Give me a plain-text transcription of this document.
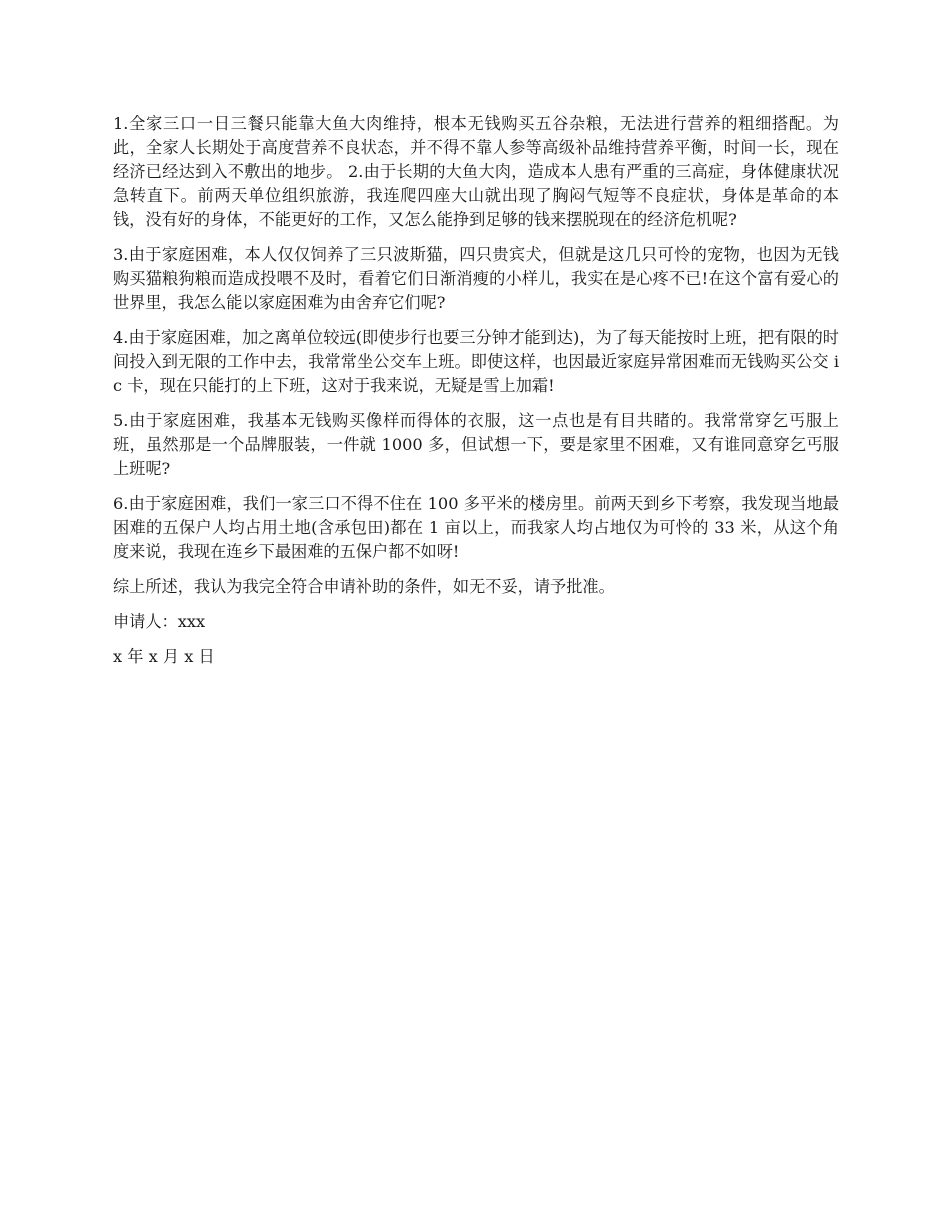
1.全家三口一日三餐只能靠大鱼大肉维持，根本无钱购买五谷杂粮，无法进行营养的粗细搭配。为此，全家人长期处于高度营养不良状态，并不得不靠人参等高级补品维持营养平衡，时间一长，现在经济已经达到入不敷出的地步。 2.由于长期的大鱼大肉，造成本人患有严重的三高症，身体健康状况急转直下。前两天单位组织旅游，我连爬四座大山就出现了胸闷气短等不良症状，身体是革命的本钱，没有好的身体，不能更好的工作，又怎么能挣到足够的钱来摆脱现在的经济危机呢?

3.由于家庭困难，本人仅仅饲养了三只波斯猫，四只贵宾犬，但就是这几只可怜的宠物，也因为无钱购买猫粮狗粮而造成投喂不及时，看着它们日渐消瘦的小样儿，我实在是心疼不已!在这个富有爱心的世界里，我怎么能以家庭困难为由舍弃它们呢?

4.由于家庭困难，加之离单位较远(即使步行也要三分钟才能到达)，为了每天能按时上班，把有限的时间投入到无限的工作中去，我常常坐公交车上班。即使这样，也因最近家庭异常困难而无钱购买公交 ic 卡，现在只能打的上下班，这对于我来说，无疑是雪上加霜!

5.由于家庭困难，我基本无钱购买像样而得体的衣服，这一点也是有目共睹的。我常常穿乞丐服上班，虽然那是一个品牌服装，一件就 1000 多，但试想一下，要是家里不困难，又有谁同意穿乞丐服上班呢?

6.由于家庭困难，我们一家三口不得不住在 100 多平米的楼房里。前两天到乡下考察，我发现当地最困难的五保户人均占用土地(含承包田)都在 1 亩以上，而我家人均占地仅为可怜的 33 米，从这个角度来说，我现在连乡下最困难的五保户都不如呀!

综上所述，我认为我完全符合申请补助的条件，如无不妥，请予批准。

申请人：xxx

x 年 x 月 x 日
